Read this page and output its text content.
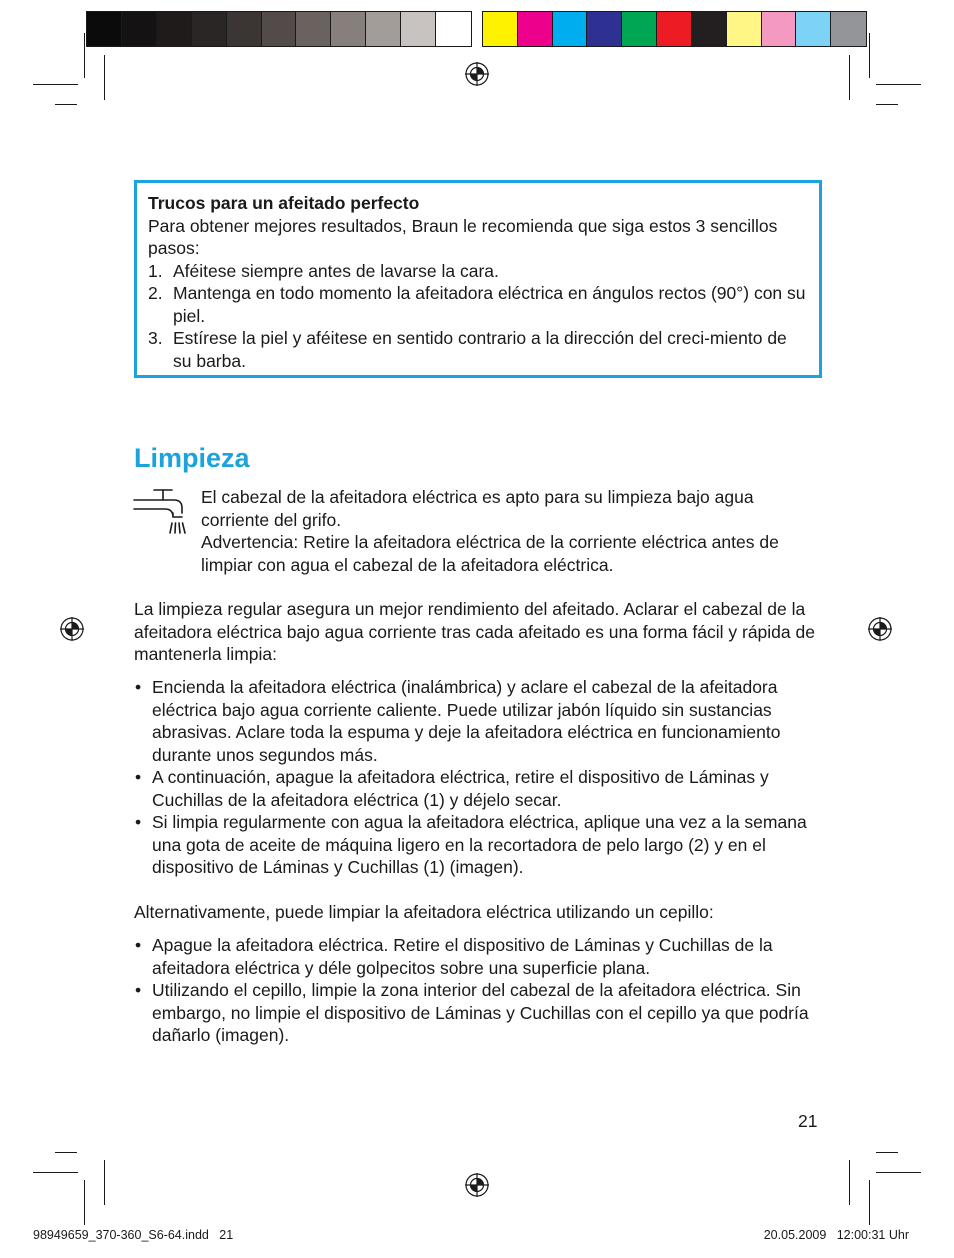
Trucos para un afeitado perfecto
Para obtener mejores resultados, Braun le recomienda que siga estos 3 sencillos pasos:
1. Aféitese siempre antes de lavarse la cara.
2. Mantenga en todo momento la afeitadora eléctrica en ángulos rectos (90°) con su piel.
3. Estírese la piel y aféitese en sentido contrario a la dirección del creci-miento de su barba.
Limpieza
El cabezal de la afeitadora eléctrica es apto para su limpieza bajo agua corriente del grifo.
Advertencia: Retire la afeitadora eléctrica de la corriente eléctrica antes de limpiar con agua el cabezal de la afeitadora eléctrica.

La limpieza regular asegura un mejor rendimiento del afeitado. Aclarar el cabezal de la afeitadora eléctrica bajo agua corriente tras cada afeitado es una forma fácil y rápida de mantenerla limpia:

• Encienda la afeitadora eléctrica (inalámbrica) y aclare el cabezal de la afeitadora eléctrica bajo agua corriente caliente. Puede utilizar jabón líquido sin sustancias abrasivas. Aclare toda la espuma y deje la afeitadora eléctrica en funcionamiento durante unos segundos más.
• A continuación, apague la afeitadora eléctrica, retire el dispositivo de Láminas y Cuchillas de la afeitadora eléctrica (1) y déjelo secar.
• Si limpia regularmente con agua la afeitadora eléctrica, aplique una vez a la semana una gota de aceite de máquina ligero en la recortadora de pelo largo (2) y en el dispositivo de Láminas y Cuchillas (1) (imagen).

Alternativamente, puede limpiar la afeitadora eléctrica utilizando un cepillo:

• Apague la afeitadora eléctrica. Retire el dispositivo de Láminas y Cuchillas de la afeitadora eléctrica y déle golpecitos sobre una superficie plana.
• Utilizando el cepillo, limpie la zona interior del cabezal de la afeitadora eléctrica. Sin embargo, no limpie el dispositivo de Láminas y Cuchillas con el cepillo ya que podría dañarlo (imagen).
21
98949659_370-360_S6-64.indd   21	20.05.2009   12:00:31 Uhr
